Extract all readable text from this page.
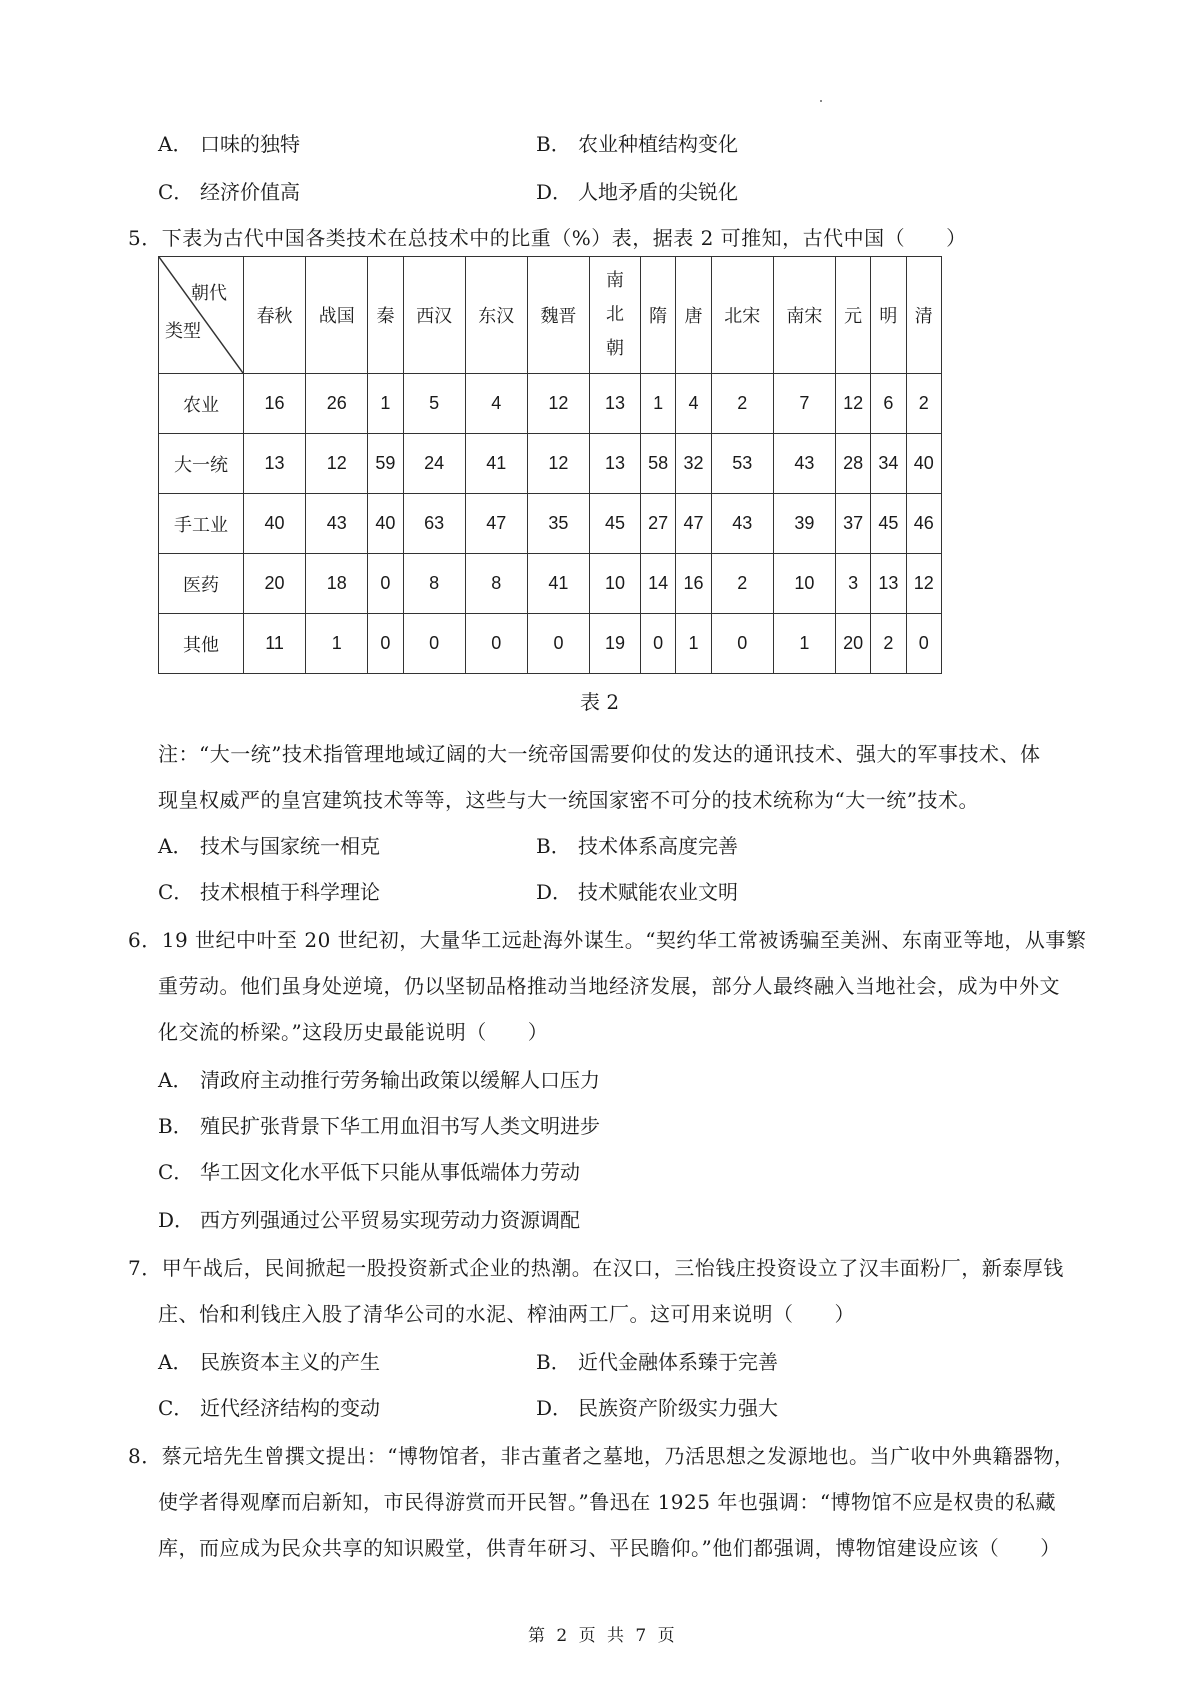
A． 口味的独特	B． 农业种植结构变化
C． 经济价值高	D． 人地矛盾的尖锐化
5．下表为古代中国各类技术在总技术中的比重（%）表，据表 2 可推知，古代中国（　　）
朝代
类型	春秋	战国	秦	西汉	东汉	魏晋	南北朝	隋	唐	北宋	南宋	元	明	清
农业	16	26	1	5	4	12	13	1	4	2	7	12	6	2
大一统	13	12	59	24	41	12	13	58	32	53	43	28	34	40
手工业	40	43	40	63	47	35	45	27	47	43	39	37	45	46
医药	20	18	0	8	8	41	10	14	16	2	10	3	13	12
其他	11	1	0	0	0	0	19	0	1	0	1	20	2	0
表 2
注：“大一统”技术指管理地域辽阔的大一统帝国需要仰仗的发达的通讯技术、强大的军事技术、体
现皇权威严的皇宫建筑技术等等，这些与大一统国家密不可分的技术统称为“大一统”技术。
A． 技术与国家统一相克	B． 技术体系高度完善
C． 技术根植于科学理论	D． 技术赋能农业文明
6．19 世纪中叶至 20 世纪初，大量华工远赴海外谋生。“契约华工常被诱骗至美洲、东南亚等地，从事繁
重劳动。他们虽身处逆境，仍以坚韧品格推动当地经济发展，部分人最终融入当地社会，成为中外文
化交流的桥梁。”这段历史最能说明（　　）
A． 清政府主动推行劳务输出政策以缓解人口压力
B． 殖民扩张背景下华工用血泪书写人类文明进步
C． 华工因文化水平低下只能从事低端体力劳动
D． 西方列强通过公平贸易实现劳动力资源调配
7．甲午战后，民间掀起一股投资新式企业的热潮。在汉口，三怡钱庄投资设立了汉丰面粉厂，新泰厚钱
庄、怡和利钱庄入股了清华公司的水泥、榨油两工厂。这可用来说明（　　）
A． 民族资本主义的产生	B． 近代金融体系臻于完善
C． 近代经济结构的变动	D． 民族资产阶级实力强大
8．蔡元培先生曾撰文提出：“博物馆者，非古董者之墓地，乃活思想之发源地也。当广收中外典籍器物，
使学者得观摩而启新知，市民得游赏而开民智。”鲁迅在 1925 年也强调：“博物馆不应是权贵的私藏
库，而应成为民众共享的知识殿堂，供青年研习、平民瞻仰。”他们都强调，博物馆建设应该（　　）
第 2 页 共 7 页
